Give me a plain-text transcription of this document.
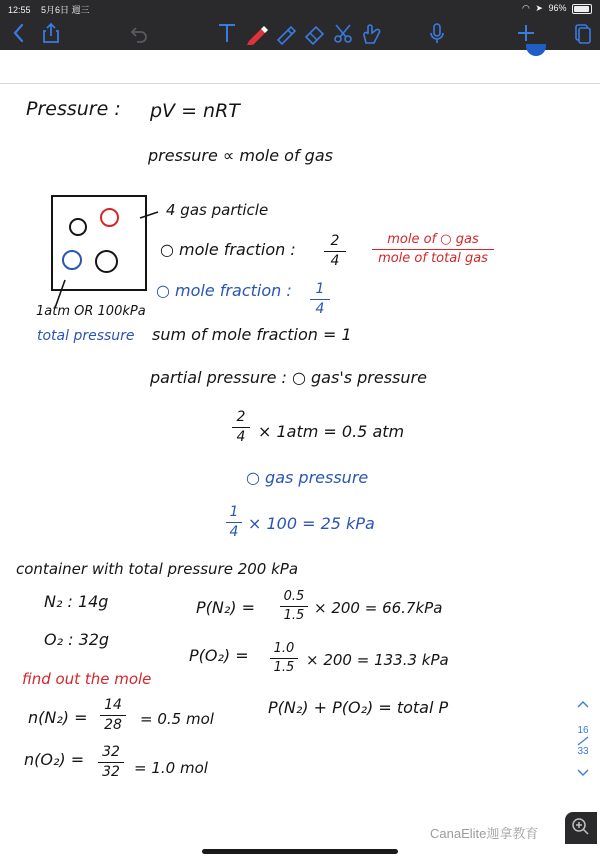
12:55 5月6日 週三	◠ ➤ 96%
Pressure : pV = nRT
pressure ∝ mole of gas
4 gas particle
○ mole fraction :	2
4
mole of ○ gas
mole of total gas
○ mole fraction :	1
4
1atm OR 100kPa
total pressure sum of mole fraction = 1
partial pressure : ○ gas's pressure
2
4 × 1atm = 0.5 atm
○ gas pressure
1
4 × 100 = 25 kPa
container with total pressure 200 kPa
N₂ : 14g
O₂ : 32g
P(N₂) =
0.5
1.5 × 200 = 66.7kPa
P(O₂) = 1.0
1.5 × 200 = 133.3 kPa
find out the mole
n(N₂) =
14
28 = 0.5 mol
P(N₂) + P(O₂) = total P
n(O₂) = 32
32 = 1.0 mol
16
33
CanaElite迦拿教育
